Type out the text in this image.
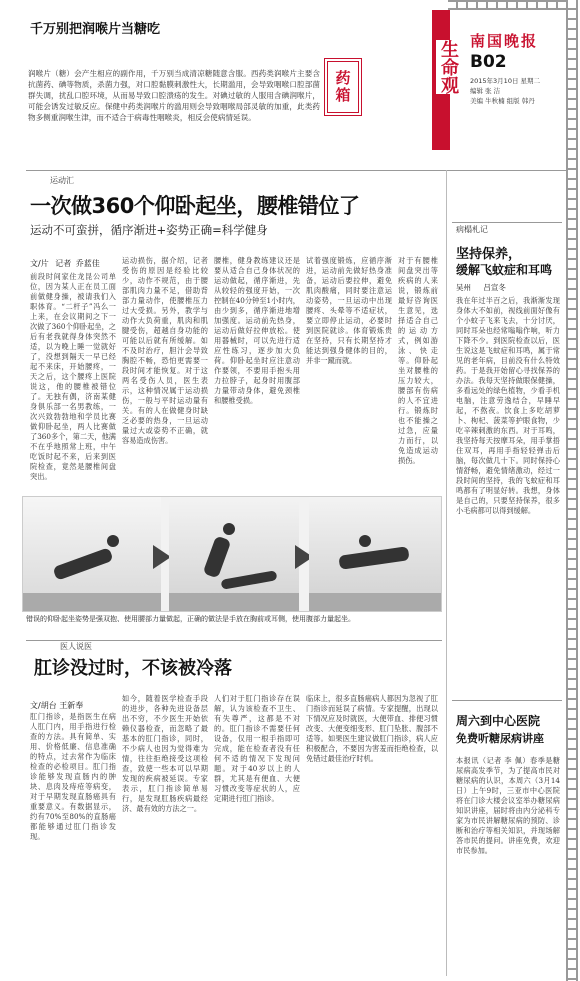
千万别把润喉片当糖吃
药箱
润喉片（糖）会产生相应的副作用，千万别当成清凉糖随意含服。西药类润喉片主要含抗菌药、碘等物质，杀菌力强，对口腔黏膜刺激性大，长期滥用，会导致咽喉口腔部菌群失调，扰乱口腔环境，从而易导致口腔溃疡的发生。对碘过敏的人服用含碘润喉片，可能会诱发过敏反应。保健中药类润喉片的滥用则会导致咽喉局部灵敏的加重，此类药物多侧重润喉生津，而不适合于病毒性咽喉炎，相反会使病情延误。
生命观 南国晚报
B02
2015年3月10日 星期二
编辑 张 洁
美编 牛秋楠 组版 韩丹
运动汇
一次做360个仰卧起坐，腰椎错位了
运动不可蛮拼，循序渐进+姿势正确=科学健身
文/片 记者 乔蓝佳
前段时间家住龙昆公司单位，因为某人正在员工面前做健身操，被请我们入职体育。“二杆子”冯么一上来，在会议期间之下一次做了360个仰卧起坐，之后有老我就得身体突然不适，以为晚上睡一觉就好了，没想到隔天一早已经起不来床，开始腰疼，一天之后，这个腰疼上医院说这，他的腰椎被错位了。无独有偶，济南某健身俱乐部一名男教练，一次兴致勃勃地和学员比赛做仰卧起坐，两人比赛做了360多个，第二天，他满不在乎地照常上班，中午吃饭时起不来，后来到医院检查，竟然是腰椎间盘突出。
运动损伤，据介绍，记者受伤的原因是经验比较少，动作不规范，由于腰部肌肉力量不足，借助背部力量动作，使腰椎压力过大受损。另外，教学与动作大负荷重，肌肉和肌腱受伤，超越自身功能的可能以后就有所缓解。如不及时治疗，胆汁会导致胸腔不畅，恐怕更需要一段时间才能恢复。对于这两名受伤人员，医生表示，这种情况属于运动损伤，一般与平时运动量有关。有的人在做健身时缺乏必要的热身，一旦运动量过大或姿势不正确，就容易造成伤害。
腰椎，健身教练建议还是要从适合自己身体状况的运动做起，循序渐进，先从较轻的强度开始，一次控制在40分钟至1小时内，由少到多，循序渐进地增加强度。运动前先热身，运动后做好拉伸放松。使用器械时，可以先进行适应性练习，逐步加大负荷。仰卧起坐时应注意动作要领，不要用手抱头用力拉脖子，起身时用腹部力量带动身体，避免颈椎和腰椎受损。
试着强度锻炼，应循序渐进，运动前先做好热身准备，运动后要拉伸，避免肌肉酸痛，同时要注意运动姿势，一旦运动中出现腰疼、头晕等不适症状，要立即停止运动，必要时到医院就诊。体育锻炼贵在坚持，只有长期坚持才能达到强身健体的目的，并非一蹴而就。
对于有腰椎间盘突出等疾病的人来说，锻炼前最好咨询医生意见，选择适合自己的运动方式，例如游泳、快走等。仰卧起坐对腰椎的压力较大，腰部有伤病的人不宜进行。锻炼时也不能操之过急，应量力而行，以免造成运动损伤。
错误的仰卧起坐姿势是强双抱、使用腰部力量做起，正确的做法是手放在胸前或耳侧，使用腹部力量起坐。
医人说医
肛诊没过时，不该被冷落
文/胡台 王新奉
肛门指诊，是指医生在病人肛门内，用手指进行检查的方法。具有简单、实用、价格低廉、信息准确的特点，过去常作为临床检查的必检项目。肛门指诊能够发现直肠内的肿块、息肉及痔疮等病变，对于早期发现直肠癌具有重要意义。有数据显示，约有70%至80%的直肠癌都能够通过肛门指诊发现。
如今，随着医学检查手段的进步，各种先进设备层出不穷，不少医生开始依赖仪器检查，而忽略了最基本的肛门指诊，同时，不少病人也因为觉得难为情，往往拒绝接受这项检查，致使一些本可以早期发现的疾病被延误。专家表示，肛门指诊简单易行，是发现肛肠疾病最经济、最有效的方法之一。
人们对于肛门指诊存在误解，认为该检查不卫生、有失尊严，这都是不对的。肛门指诊不需要任何设备，仅用一根手指即可完成，能在检查者没有任何不适的情况下发现问题。对于40岁以上的人群，尤其是有便血、大便习惯改变等症状的人，应定期进行肛门指诊。
临床上，很多直肠癌病人都因为忽视了肛门指诊而延误了病情。专家提醒，出现以下情况应及时就医，大便带血、排便习惯改变、大便变细变形、肛门坠胀、腹部不适等。如果医生建议做肛门指诊，病人应积极配合，不要因为害羞而拒绝检查，以免错过最佳治疗时机。
病榻札记
坚持保养，
缓解飞蚊症和耳鸣
吴州 吕宣冬
我在年过半百之后，我渐渐发现身体大不如前，视线前面好像有个小蚊子飞来飞去，十分讨厌，同时耳朵也经常嗡嗡作响，听力下降不少。到医院检查以后，医生说这是飞蚊症和耳鸣，属于常见的老年病，目前没有什么特效药。于是我开始留心寻找保养的办法。我每天坚持做眼保健操，多看远处的绿色植物，少看手机电脑，注意劳逸结合，早睡早起，不熬夜。饮食上多吃胡萝卜、枸杞、菠菜等护眼食物，少吃辛辣刺激的东西。对于耳鸣，我坚持每天按摩耳朵，用手掌捂住双耳，再用手指轻轻弹击后脑，每次做几十下。同时保持心情舒畅，避免情绪激动，经过一段时间的坚持，我的飞蚊症和耳鸣都有了明显好转。我想，身体是自己的，只要坚持保养，很多小毛病都可以得到缓解。
周六到中心医院
免费听糖尿病讲座
本报讯（记者 李 佩）春季是糖尿病高发季节，为了提高市民对糖尿病的认识，本周六（3月14日）上午9时，三亚市中心医院将在门诊大楼会议室举办糖尿病知识讲座，届时将由内分泌科专家为市民讲解糖尿病的预防、诊断和治疗等相关知识，并现场解答市民的提问。讲座免费，欢迎市民参加。
